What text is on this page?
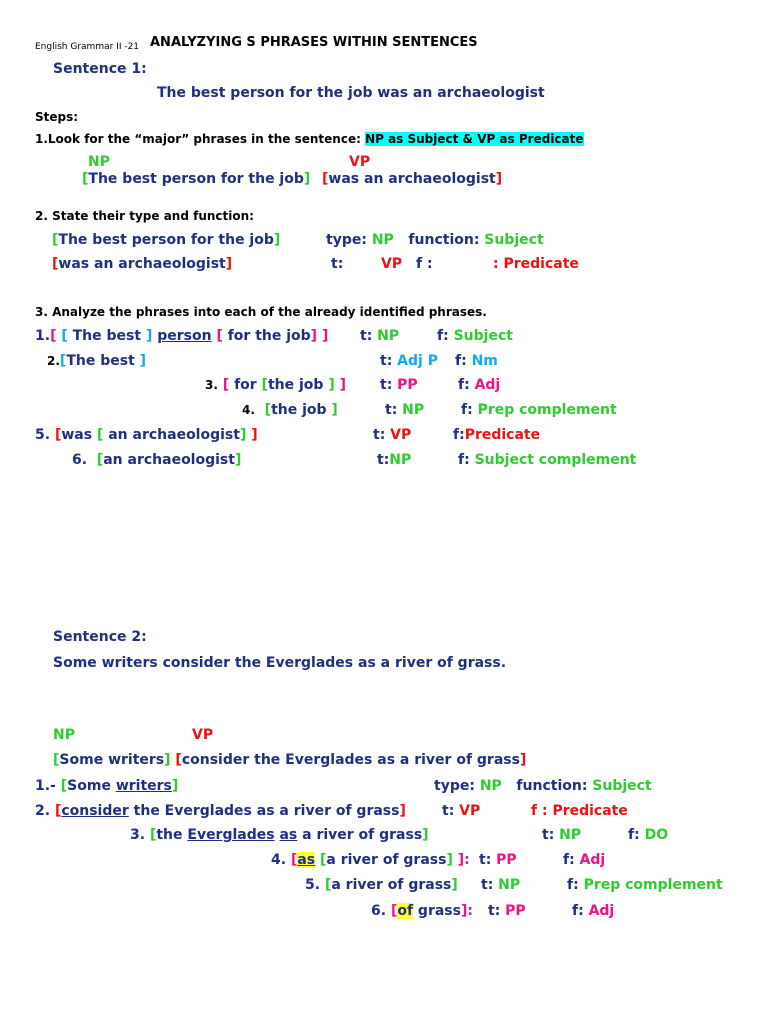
English Grammar II -21 ANALYZYING S PHRASES WITHIN SENTENCES
Sentence 1:
The best person for the job was an archaeologist
Steps:
1.Look for the “major” phrases in the sentence: NP as Subject & VP as Predicate
NP	VP
[The best person for the job] [was an archaeologist]
2. State their type and function:
[The best person for the job]	type: NP function: Subject
[was an archaeologist]	t:	VP f :	: Predicate
3. Analyze the phrases into each of the already identified phrases.
1.[ [ The best ] person [ for the job] ] t: NP	f: Subject
2.[The best ]	t: Adj P f: Nm
3. [ for [the job ] ] t: PP	f: Adj
4. [the job ]	t: NP	f: Prep complement
5. [was [ an archaeologist] ]	t: VP	f:Predicate
6. [an archaeologist]	t:NP	f: Subject complement
Sentence 2:
Some writers consider the Everglades as a river of grass.
NP	VP
[Some writers] [consider the Everglades as a river of grass]
1.- [Some writers]	type: NP function: Subject
2. [consider the Everglades as a river of grass]	t: VP	f : Predicate
3. [the Everglades as a river of grass]	t: NP	f: DO
4. [as [a river of grass] ]: t: PP	f: Adj
5. [a river of grass] t: NP	f: Prep complement
6. [of grass]: t: PP	f: Adj
